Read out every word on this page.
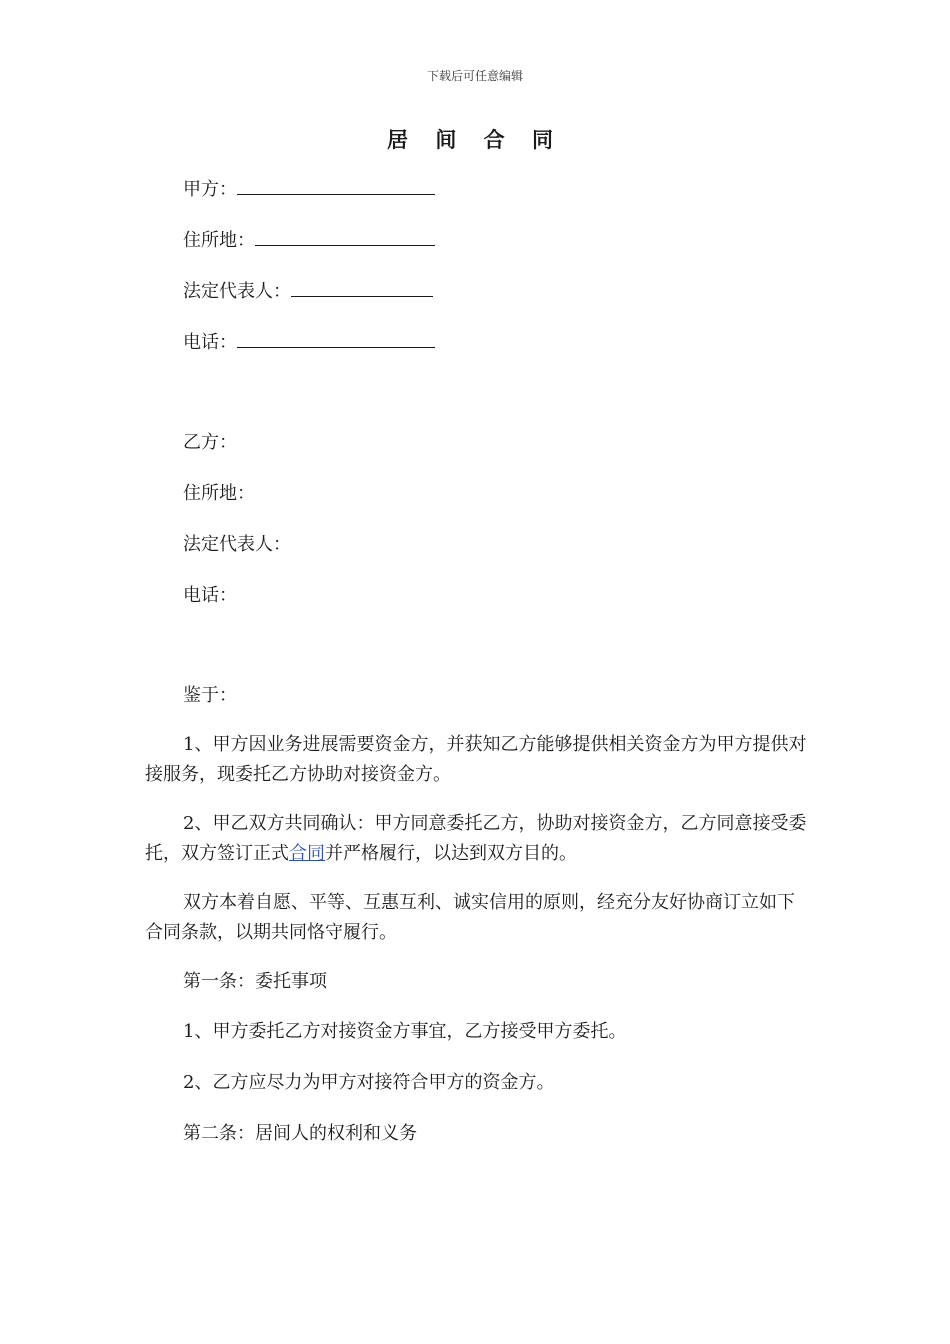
下载后可任意编辑
居 间 合 同
甲方：
住所地：
法定代表人：
电话：
乙方：
住所地：
法定代表人：
电话：
鉴于：
1、甲方因业务进展需要资金方，并获知乙方能够提供相关资金方为甲方提供对接服务，现委托乙方协助对接资金方。
2、甲乙双方共同确认：甲方同意委托乙方，协助对接资金方，乙方同意接受委托，双方签订正式合同并严格履行，以达到双方目的。
双方本着自愿、平等、互惠互利、诚实信用的原则，经充分友好协商订立如下合同条款，以期共同恪守履行。
第一条：委托事项
1、甲方委托乙方对接资金方事宜，乙方接受甲方委托。
2、乙方应尽力为甲方对接符合甲方的资金方。
第二条：居间人的权利和义务
